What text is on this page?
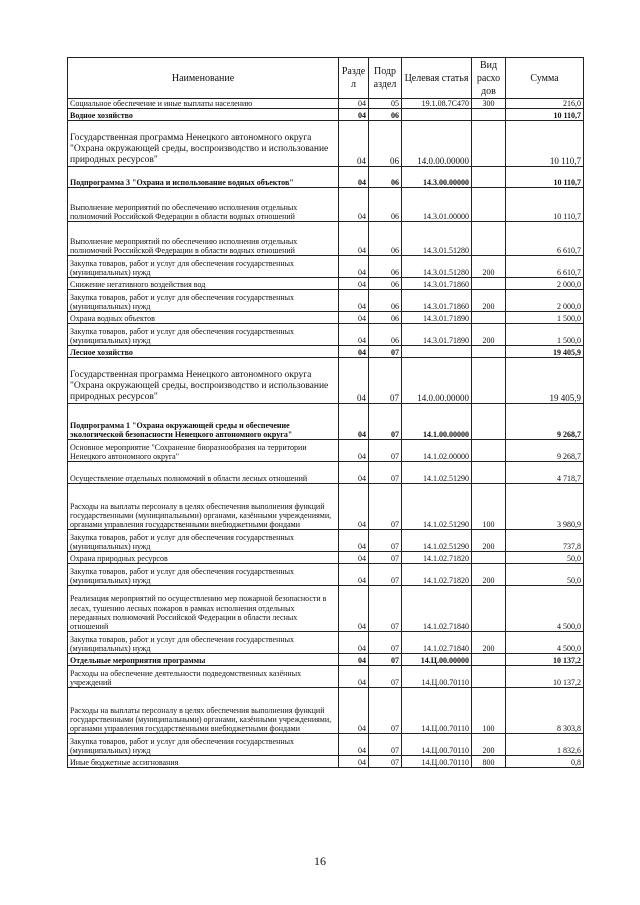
Наименование	Разде л	Подр аздел	Целевая статья	Вид расхо дов	Сумма
Социальное обеспечение и иные выплаты населению	04	05	19.1.08.7С470	300	216,0
Водное хозяйство	04	06			10 110,7
Государственная программа Ненецкого автономного округа "Охрана окружающей среды, воспроизводство и использование природных ресурсов"	04	06	14.0.00.00000		10 110,7
Подпрограмма 3 "Охрана и использование водных объектов"	04	06	14.3.00.00000		10 110,7
Выполнение мероприятий по обеспечению исполнения отдельных полномочий Российской Федерации в области водных отношений	04	06	14.3.01.00000		10 110,7
Выполнение мероприятий по обеспечению исполнения отдельных полномочий Российской Федерации в области водных отношений	04	06	14.3.01.51280		6 610,7
Закупка товаров, работ и услуг для обеспечения государственных (муниципальных) нужд	04	06	14.3.01.51280	200	6 610,7
Снижение негативного воздействия вод	04	06	14.3.01.71860		2 000,0
Закупка товаров, работ и услуг для обеспечения государственных (муниципальных) нужд	04	06	14.3.01.71860	200	2 000,0
Охрана водных объектов	04	06	14.3.01.71890		1 500,0
Закупка товаров, работ и услуг для обеспечения государственных (муниципальных) нужд	04	06	14.3.01.71890	200	1 500,0
Лесное хозяйство	04	07			19 405,9
Государственная программа Ненецкого автономного округа "Охрана окружающей среды, воспроизводство и использование природных ресурсов"	04	07	14.0.00.00000		19 405,9
Подпрограмма 1 "Охрана окружающей среды и обеспечение экологической безопасности Ненецкого автономного округа"	04	07	14.1.00.00000		9 268,7
Основное мероприятие "Сохранение биоразнообразия на территории Ненецкого автономного округа"	04	07	14.1.02.00000		9 268,7
Осуществление отдельных полномочий в области лесных отношений	04	07	14.1.02.51290		4 718,7
Расходы на выплаты персоналу в целях обеспечения выполнения функций государственными (муниципальными) органами, казёнными учреждениями, органами управления государственными внебюджетными фондами	04	07	14.1.02.51290	100	3 980,9
Закупка товаров, работ и услуг для обеспечения государственных (муниципальных) нужд	04	07	14.1.02.51290	200	737,8
Охрана природных ресурсов	04	07	14.1.02.71820		50,0
Закупка товаров, работ и услуг для обеспечения государственных (муниципальных) нужд	04	07	14.1.02.71820	200	50,0
Реализация мероприятий по осуществлению мер пожарной безопасности в лесах, тушению лесных пожаров в рамках исполнения отдельных переданных полномочий Российской Федерации в области лесных отношений	04	07	14.1.02.71840		4 500,0
Закупка товаров, работ и услуг для обеспечения государственных (муниципальных) нужд	04	07	14.1.02.71840	200	4 500,0
Отдельные мероприятия программы	04	07	14.Ц.00.00000		10 137,2
Расходы на обеспечение деятельности подведомственных казённых учреждений	04	07	14.Ц.00.70110		10 137,2
Расходы на выплаты персоналу в целях обеспечения выполнения функций государственными (муниципальными) органами, казёнными учреждениями, органами управления государственными внебюджетными фондами	04	07	14.Ц.00.70110	100	8 303,8
Закупка товаров, работ и услуг для обеспечения государственных (муниципальных) нужд	04	07	14.Ц.00.70110	200	1 832,6
Иные бюджетные ассигнования	04	07	14.Ц.00.70110	800	0,8
16
